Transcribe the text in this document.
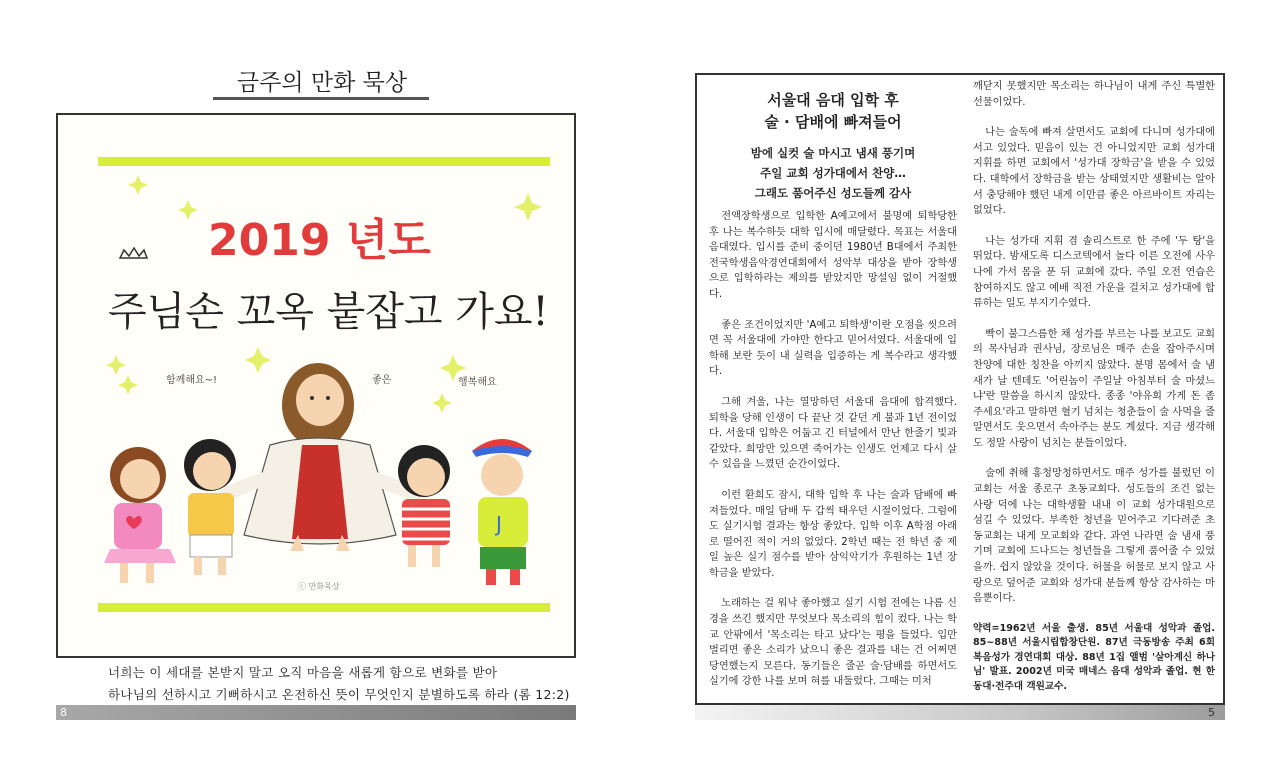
금주의 만화 묵상
2019 년도
주님손 꼬옥 붙잡고 가요!
함께해요~!	좋은	행복해요
J
ⓒ 만화묵상
너희는 이 세대를 본받지 말고 오직 마음을 새롭게 함으로 변화를 받아
하나님의 선하시고 기뻐하시고 온전하신 뜻이 무엇인지 분별하도록 하라 (롬 12:2)
8
서울대 음대 입학 후
술 · 담배에 빠져들어
밤에 실컷 술 마시고 냄새 풍기며
주일 교회 성가대에서 찬양…
그래도 품어주신 성도들께 감사

전액장학생으로 입학한 A예고에서 불명예 퇴학당한 후 나는 복수하듯 대학 입시에 매달렸다. 목표는 서울대 음대였다. 입시를 준비 중이던 1980년 B대에서 주최한 전국학생음악경연대회에서 성악부 대상을 받아 장학생으로 입학하라는 제의를 받았지만 망설임 없이 거절했다.

좋은 조건이었지만 'A예고 퇴학생'이란 오점을 씻으려면 꼭 서울대에 가야만 한다고 믿어서였다. 서울대에 입학해 보란 듯이 내 실력을 입증하는 게 복수라고 생각했다.

그해 겨울, 나는 열망하던 서울대 음대에 합격했다. 퇴학을 당해 인생이 다 끝난 것 같던 게 불과 1년 전이었다. 서울대 입학은 어둡고 긴 터널에서 만난 한줄기 빛과 같았다. 희망만 있으면 죽어가는 인생도 언제고 다시 살 수 있음을 느꼈던 순간이었다.

이런 환희도 잠시, 대학 입학 후 나는 술과 담배에 빠져들었다. 매일 담배 두 갑씩 태우던 시절이었다. 그럼에도 실기시험 결과는 항상 좋았다. 입학 이후 A학점 아래로 떨어진 적이 거의 없었다. 2학년 때는 전 학년 중 제일 높은 실기 점수를 받아 삼익악기가 후원하는 1년 장학금을 받았다.

노래하는 걸 워낙 좋아했고 실기 시험 전에는 나름 신경을 쓰긴 했지만 무엇보다 목소리의 힘이 컸다. 나는 학교 안팎에서 '목소리는 타고 났다'는 평을 들었다. 입만 벌리면 좋은 소리가 났으니 좋은 결과를 내는 건 어쩌면 당연했는지 모른다. 동기들은 줄곧 술·담배를 하면서도 실기에 강한 나를 보며 혀를 내둘렀다. 그때는 미처

깨닫지 못했지만 목소리는 하나님이 내게 주신 특별한 선물이었다.

나는 술독에 빠져 살면서도 교회에 다니며 성가대에 서고 있었다. 믿음이 있는 건 아니었지만 교회 성가대 지휘를 하면 교회에서 '성가대 장학금'을 받을 수 있었다. 대학에서 장학금을 받는 상태였지만 생활비는 알아서 충당해야 했던 내게 이만큼 좋은 아르바이트 자리는 없었다.

나는 성가대 지휘 겸 솔리스트로 한 주에 '두 탕'을 뛰었다. 밤새도록 디스코텍에서 놀다 이른 오전에 사우나에 가서 몸을 푼 뒤 교회에 갔다. 주일 오전 연습은 참여하지도 않고 예배 직전 가운을 걸치고 성가대에 합류하는 일도 부지기수였다.

빡이 불그스름한 채 성가를 부르는 나를 보고도 교회의 목사님과 권사님, 장로님은 매주 손을 잡아주시며 찬양에 대한 칭찬을 아끼지 않았다. 분명 몸에서 술 냄새가 날 텐데도 '어린놈이 주일날 아침부터 술 마셨느냐'란 말씀을 하시지 않았다. 종종 '야유회 가게 돈 좀 주세요'라고 말하면 혈기 넘치는 청춘들이 술 사먹을 줄 알면서도 웃으면서 속아주는 분도 계셨다. 지금 생각해도 정말 사랑이 넘치는 분들이었다.

술에 취해 홍청망청하면서도 매주 성가를 불렀던 이 교회는 서울 종로구 초동교회다. 성도들의 조건 없는 사랑 덕에 나는 대학생활 내내 이 교회 성가대원으로 섬길 수 있었다. 부족한 청년을 믿어주고 기다려준 초동교회는 내게 모교회와 같다. 과연 나라면 술 냄새 풍기며 교회에 드나드는 청년들을 그렇게 품어줄 수 있었을까. 쉽지 않았을 것이다. 허물을 허물로 보지 않고 사랑으로 덮어준 교회와 성가대 분들께 항상 감사하는 마음뿐이다.

약력=1962년 서울 출생. 85년 서울대 성악과 졸업. 85~88년 서울시립합창단원. 87년 극동방송 주최 6회 복음성가 경연대회 대상. 88년 1집 앨범 '살아계신 하나님' 발표. 2002년 미국 매네스 음대 성악과 졸업. 현 한동대·전주대 객원교수.

5
